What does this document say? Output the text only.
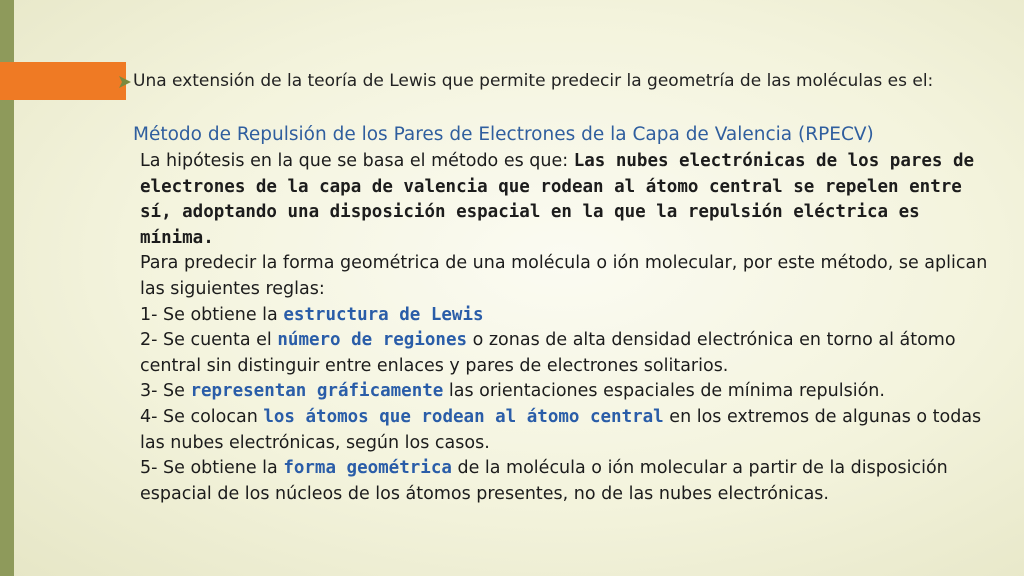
Una extensión de la teoría de Lewis que permite predecir la geometría de las moléculas es el:
Método de Repulsión de los Pares de Electrones de la Capa de Valencia (RPECV)

La hipótesis en la que se basa el método es que: Las nubes electrónicas de los pares de electrones de la capa de valencia que rodean al átomo central se repelen entre sí, adoptando una disposición espacial en la que la repulsión eléctrica es mínima.

Para predecir la forma geométrica de una molécula o ión molecular, por este método, se aplican las siguientes reglas:

1- Se obtiene la estructura de Lewis

2- Se cuenta el número de regiones o zonas de alta densidad electrónica en torno al átomo central sin distinguir entre enlaces y pares de electrones solitarios.

3- Se representan gráficamente las orientaciones espaciales de mínima repulsión.

4- Se colocan los átomos que rodean al átomo central en los extremos de algunas o todas las nubes electrónicas, según los casos.

5- Se obtiene la forma geométrica de la molécula o ión molecular a partir de la disposición espacial de los núcleos de los átomos presentes, no de las nubes electrónicas.
